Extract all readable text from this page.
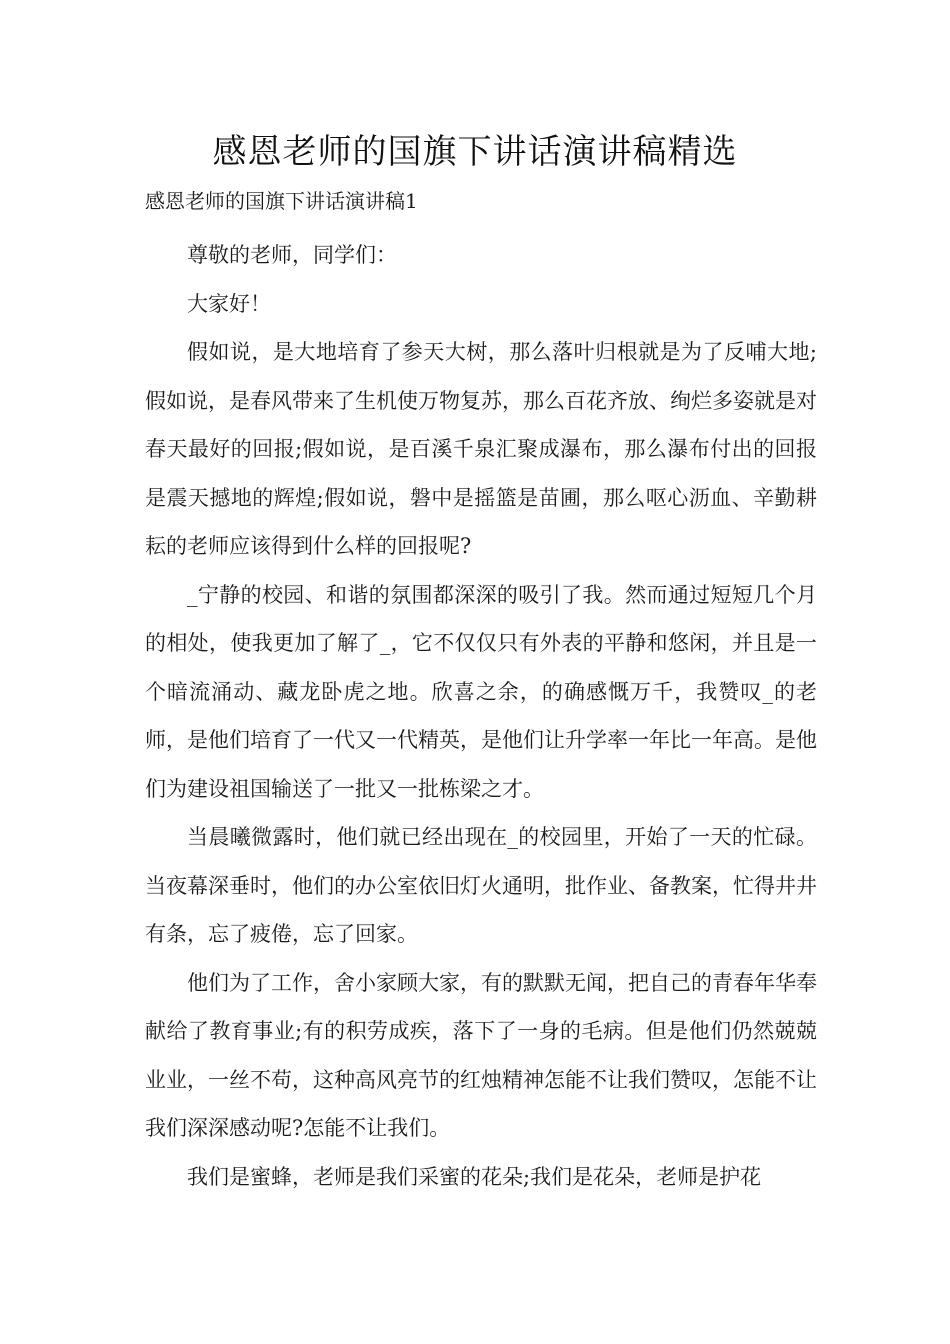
感恩老师的国旗下讲话演讲稿精选

感恩老师的国旗下讲话演讲稿1

尊敬的老师，同学们：

大家好！

假如说，是大地培育了参天大树，那么落叶归根就是为了反哺大地;假如说，是春风带来了生机使万物复苏，那么百花齐放、绚烂多姿就是对春天最好的回报;假如说，是百溪千泉汇聚成瀑布，那么瀑布付出的回报是震天撼地的辉煌;假如说，磐中是摇篮是苗圃，那么呕心沥血、辛勤耕耘的老师应该得到什么样的回报呢?

_宁静的校园、和谐的氛围都深深的吸引了我。然而通过短短几个月的相处，使我更加了解了_，它不仅仅只有外表的平静和悠闲，并且是一个暗流涌动、藏龙卧虎之地。欣喜之余，的确感慨万千，我赞叹_的老师，是他们培育了一代又一代精英，是他们让升学率一年比一年高。是他们为建设祖国输送了一批又一批栋梁之才。

当晨曦微露时，他们就已经出现在_的校园里，开始了一天的忙碌。当夜幕深垂时，他们的办公室依旧灯火通明，批作业、备教案，忙得井井有条，忘了疲倦，忘了回家。

他们为了工作，舍小家顾大家，有的默默无闻，把自己的青春年华奉献给了教育事业;有的积劳成疾，落下了一身的毛病。但是他们仍然兢兢业业，一丝不苟，这种高风亮节的红烛精神怎能不让我们赞叹，怎能不让我们深深感动呢?怎能不让我们。

我们是蜜蜂，老师是我们采蜜的花朵;我们是花朵，老师是护花
